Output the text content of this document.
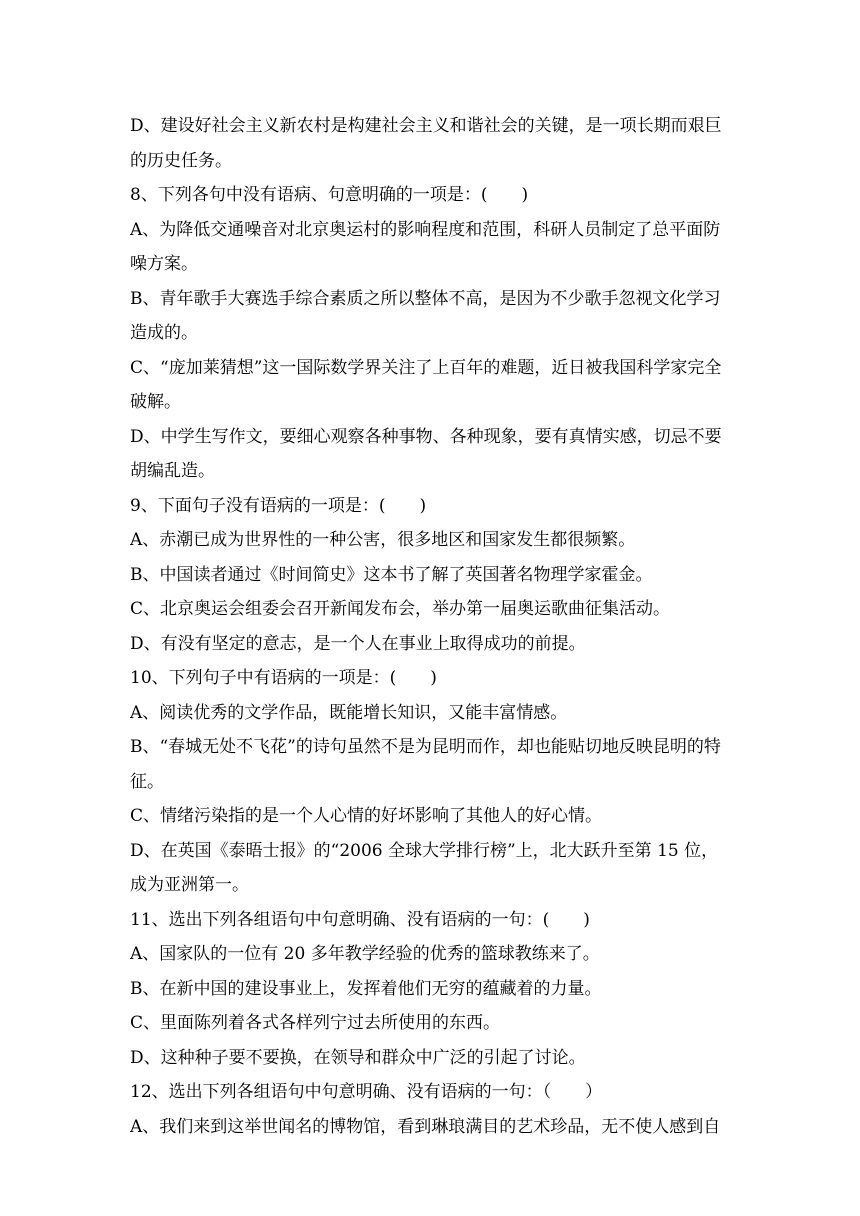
D、建设好社会主义新农村是构建社会主义和谐社会的关键，是一项长期而艰巨
的历史任务。
8、下列各句中没有语病、句意明确的一项是：(　　)
A、为降低交通噪音对北京奥运村的影响程度和范围，科研人员制定了总平面防
噪方案。
B、青年歌手大赛选手综合素质之所以整体不高，是因为不少歌手忽视文化学习
造成的。
C、“庞加莱猜想”这一国际数学界关注了上百年的难题，近日被我国科学家完全
破解。
D、中学生写作文，要细心观察各种事物、各种现象，要有真情实感，切忌不要
胡编乱造。
9、下面句子没有语病的一项是：(　　)
A、赤潮已成为世界性的一种公害，很多地区和国家发生都很频繁。
B、中国读者通过《时间简史》这本书了解了英国著名物理学家霍金。
C、北京奥运会组委会召开新闻发布会，举办第一届奥运歌曲征集活动。
D、有没有坚定的意志，是一个人在事业上取得成功的前提。
10、下列句子中有语病的一项是：(　　)
A、阅读优秀的文学作品，既能增长知识，又能丰富情感。
B、“春城无处不飞花”的诗句虽然不是为昆明而作，却也能贴切地反映昆明的特
征。
C、情绪污染指的是一个人心情的好坏影响了其他人的好心情。
D、在英国《泰晤士报》的“2006 全球大学排行榜”上，北大跃升至第 15 位，
成为亚洲第一。
11、选出下列各组语句中句意明确、没有语病的一句：(　　)
A、国家队的一位有 20 多年教学经验的优秀的篮球教练来了。
B、在新中国的建设事业上，发挥着他们无穷的蕴藏着的力量。
C、里面陈列着各式各样列宁过去所使用的东西。
D、这种种子要不要换，在领导和群众中广泛的引起了讨论。
12、选出下列各组语句中句意明确、没有语病的一句：（　　）
A、我们来到这举世闻名的博物馆，看到琳琅满目的艺术珍品，无不使人感到自
